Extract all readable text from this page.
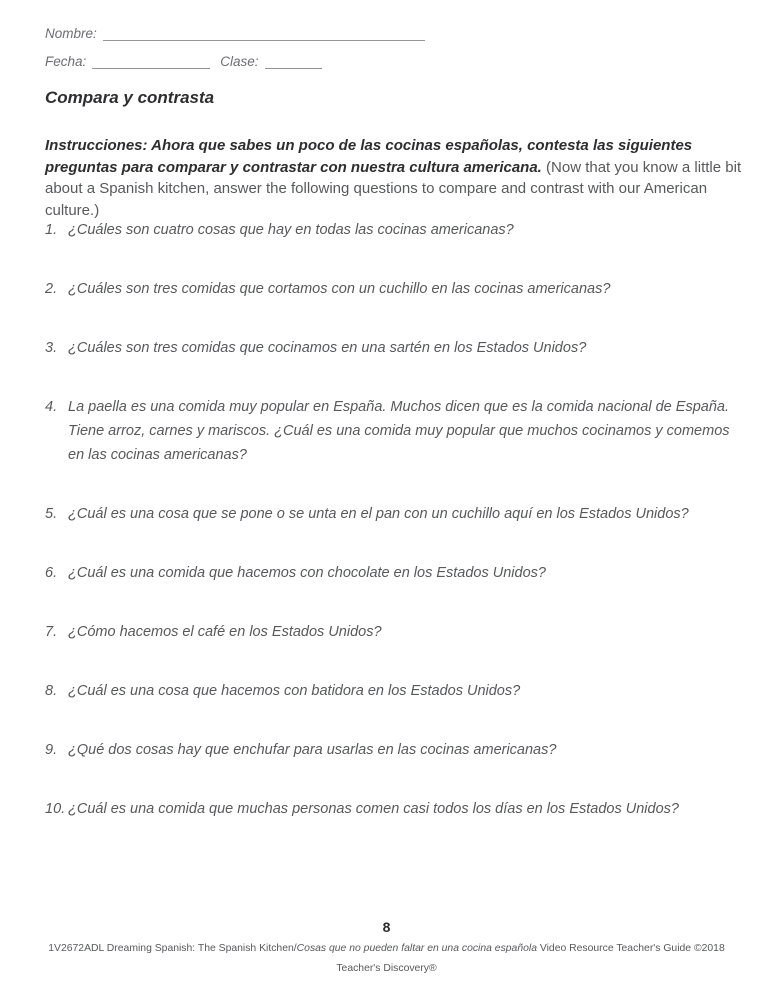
Nombre:
Fecha:	Clase:
Compara y contrasta

Instrucciones: Ahora que sabes un poco de las cocinas españolas, contesta las siguientes preguntas para comparar y contrastar con nuestra cultura americana. (Now that you know a little bit about a Spanish kitchen, answer the following questions to compare and contrast with our American culture.)

1. ¿Cuáles son cuatro cosas que hay en todas las cocinas americanas?
2. ¿Cuáles son tres comidas que cortamos con un cuchillo en las cocinas americanas?
3. ¿Cuáles son tres comidas que cocinamos en una sartén en los Estados Unidos?
4. La paella es una comida muy popular en España. Muchos dicen que es la comida nacional de España. Tiene arroz, carnes y mariscos. ¿Cuál es una comida muy popular que muchos cocinamos y comemos en las cocinas americanas?
5. ¿Cuál es una cosa que se pone o se unta en el pan con un cuchillo aquí en los Estados Unidos?
6. ¿Cuál es una comida que hacemos con chocolate en los Estados Unidos?
7. ¿Cómo hacemos el café en los Estados Unidos?
8. ¿Cuál es una cosa que hacemos con batidora en los Estados Unidos?
9. ¿Qué dos cosas hay que enchufar para usarlas en las cocinas americanas?
10. ¿Cuál es una comida que muchas personas comen casi todos los días en los Estados Unidos?
8
1V2672ADL Dreaming Spanish: The Spanish Kitchen/Cosas que no pueden faltar en una cocina española Video Resource Teacher's Guide ©2018
Teacher's Discovery®
